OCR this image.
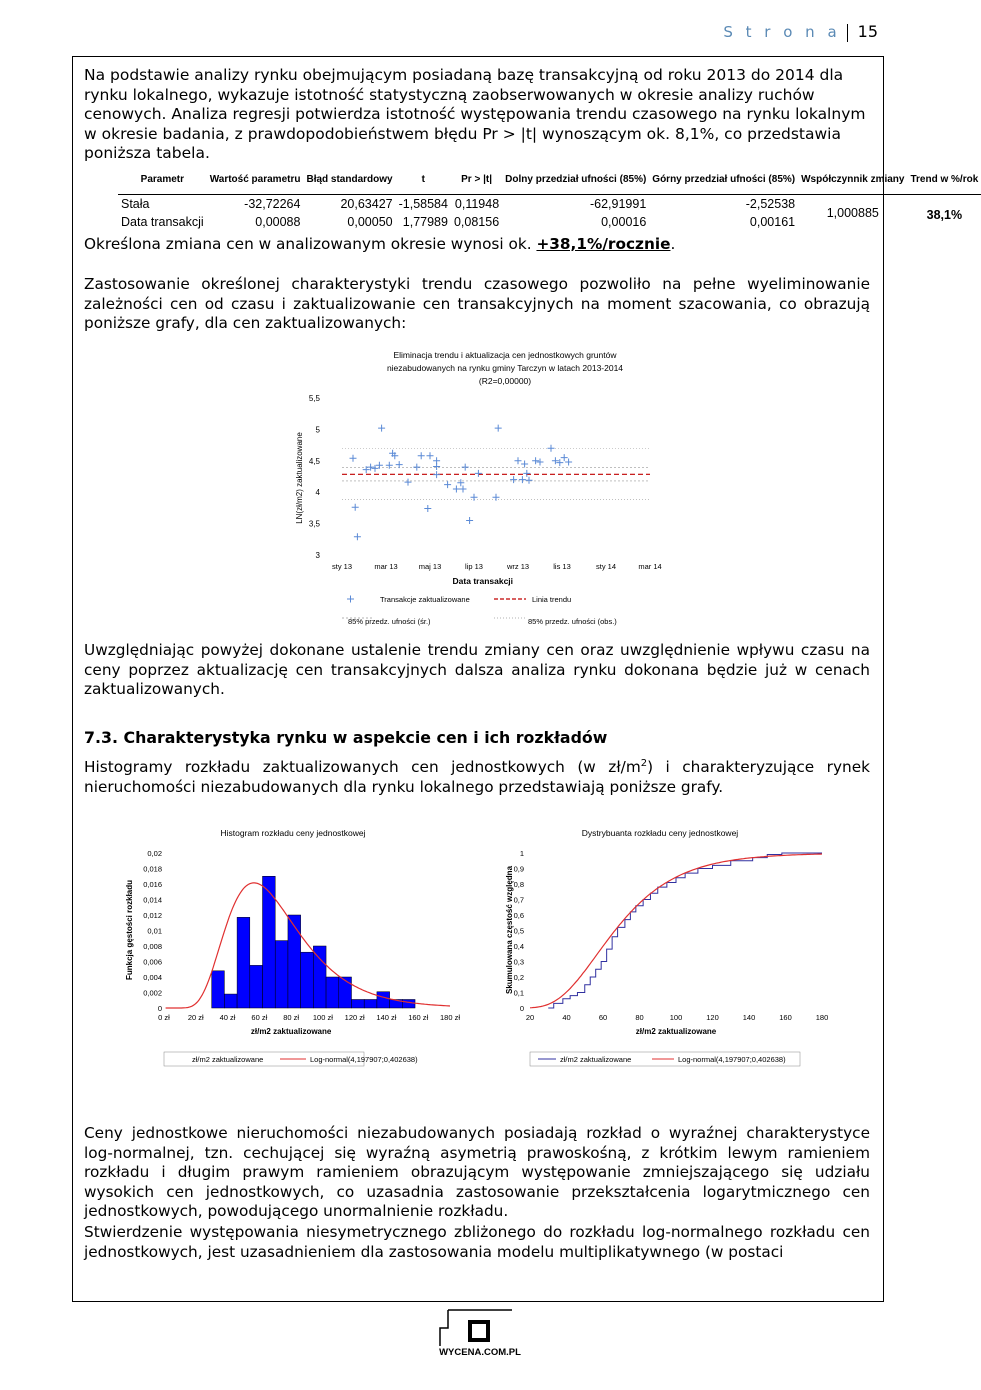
S t r o n a 15
Na podstawie analizy rynku obejmującym posiadaną bazę transakcyjną od roku 2013 do 2014 dla rynku lokalnego, wykazuje istotność statystyczną zaobserwowanych w okresie analizy ruchów cenowych. Analiza regresji potwierdza istotność występowania trendu czasowego na rynku lokalnym w okresie badania, z prawdopodobieństwem błędu Pr > |t| wynoszącym ok. 8,1%, co przedstawia poniższa tabela.
Parametr	Wartość parametru	Błąd standardowy	t	Pr > |t|	Dolny przedział ufności (85%)	Górny przedział ufności (85%)	Współczynnik zmiany	Trend w %/rok
Stała	-32,72264	20,63427	-1,58584	0,11948	-62,91991	-2,52538	1,000885	38,1%
Data transakcji	0,00088	0,00050	1,77989	0,08156	0,00016	0,00161		
Określona zmiana cen w analizowanym okresie wynosi ok. +38,1%/rocznie.
Zastosowanie określonej charakterystyki trendu czasowego pozwoliło na pełne wyeliminowanie zależności cen od czasu i zaktualizowanie cen transakcyjnych na moment szacowania, co obrazują poniższe grafy, dla cen zaktualizowanych:
Eliminacja trendu i aktualizacja cen jednostkowych gruntów
niezabudowanych na rynku gminy Tarczyn w latach 2013-2014
(R2=0,00000)
5,5
5
4,5
4
3,5
3
sty 13	mar 13	maj 13	lip 13	wrz 13	lis 13	sty 14	mar 14
LN(zł/m2) zaktualizowane
Data transakcji
Transakcje zaktualizowane	Linia trendu
85% przedz. ufności (śr.)	85% przedz. ufności (obs.)
Uwzględniając powyżej dokonane ustalenie trendu zmiany cen oraz uwzględnienie wpływu czasu na ceny poprzez aktualizację cen transakcyjnych dalsza analiza rynku dokonana będzie już w cenach zaktualizowanych.
7.3. Charakterystyka rynku w aspekcie cen i ich rozkładów
Histogramy rozkładu zaktualizowanych cen jednostkowych (w $zł/m^2$) i charakteryzujące rynek nieruchomości niezabudowanych dla rynku lokalnego przedstawiają poniższe grafy.
Histogram rozkładu ceny jednostkowej
0,02
0,018
0,016
0,014
0,012
0,01
0,008
0,006
0,004
0,002
0
0 zł 20 zł 40 zł 60 zł 80 zł 100 zł 120 zł 140 zł 160 zł 180 zł
Funkcja gęstości rozkładu
zł/m2 zaktualizowane
zł/m2 zaktualizowane	Log-normal(4,197907;0,402638)
Dystrybuanta rozkładu ceny jednostkowej
1
0,9
0,8
0,7
0,6
0,5
0,4
0,3
0,2
0,1
0
20	40	60	80	100	120	140	160	180
Skumulowana częstość względna
zł/m2 zaktualizowane
zł/m2 zaktualizowane	Log-normal(4,197907;0,402638)
Ceny jednostkowe nieruchomości niezabudowanych posiadają rozkład o wyraźnej charakterystyce log-normalnej, tzn. cechującej się wyraźną asymetrią prawoskośną, z krótkim lewym ramieniem rozkładu i długim prawym ramieniem obrazującym występowanie zmniejszającego się udziału wysokich cen jednostkowych, co uzasadnia zastosowanie przekształcenia logarytmicznego cen jednostkowych, powodującego unormalnienie rozkładu.
Stwierdzenie występowania niesymetrycznego zbliżonego do rozkładu log-normalnego rozkładu cen jednostkowych, jest uzasadnieniem dla zastosowania modelu multiplikatywnego (w postaci
WYCENA.COM.PL
